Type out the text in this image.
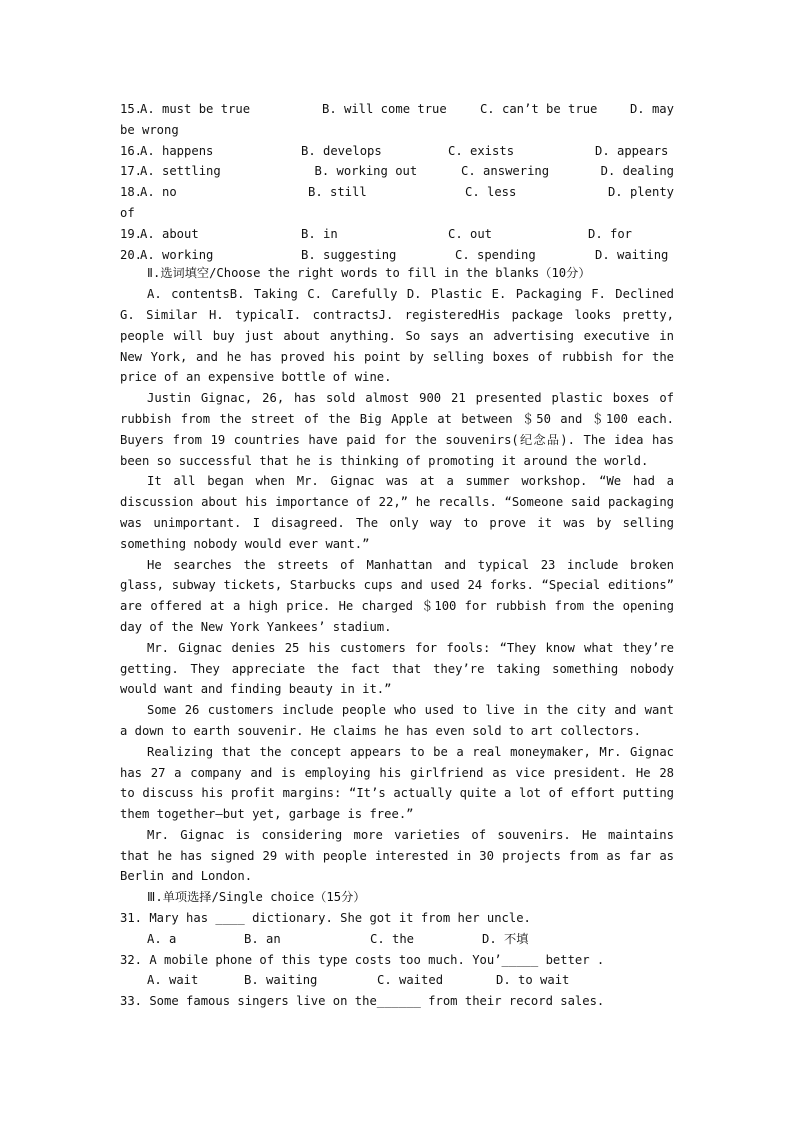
15.
A. must be true	B. will come true	C. can’t be true	D. may
be wrong
16.
A. happens	B. develops	C. exists	D. appears
17.
A. settling	B. working out	C. answering	D. dealing
18.
A. no	B. still	C. less	D. plenty
of
19.
A. about	B. in	C. out	D. for
20.
A. working	B. suggesting	C. spending	D. waiting
Ⅱ.选词填空/Choose the right words to fill in the blanks（10分）
A. contentsB. Taking C. Carefully D. Plastic E. Packaging F. Declined G. Similar H. typicalI. contractsJ. registeredHis package looks pretty, people will buy just about anything. So says an advertising executive in New York, and he has proved his point by selling boxes of rubbish for the price of an expensive bottle of wine.
Justin Gignac, 26, has sold almost 900 21 presented plastic boxes of rubbish from the street of the Big Apple at between ＄50 and ＄100 each. Buyers from 19 countries have paid for the souvenirs(纪念品). The idea has been so successful that he is thinking of promoting it around the world.
It all began when Mr. Gignac was at a summer workshop. “We had a discussion about his importance of 22,” he recalls. “Someone said packaging was unimportant. I disagreed. The only way to prove it was by selling something nobody would ever want.”
He searches the streets of Manhattan and typical 23 include broken glass, subway tickets, Starbucks cups and used 24 forks. “Special editions” are offered at a high price. He charged ＄100 for rubbish from the opening day of the New York Yankees’ stadium.
Mr. Gignac denies 25 his customers for fools: “They know what they’re getting. They appreciate the fact that they’re taking something nobody would want and finding beauty in it.”
Some 26 customers include people who used to live in the city and want a down to earth souvenir. He claims he has even sold to art collectors.
Realizing that the concept appears to be a real moneymaker, Mr. Gignac has 27 a company and is employing his girlfriend as vice president. He 28 to discuss his profit margins: “It’s actually quite a lot of effort putting them together—but yet, garbage is free.”
Mr. Gignac is considering more varieties of souvenirs. He maintains that he has signed 29 with people interested in 30 projects from as far as Berlin and London.
Ⅲ.单项选择/Single choice（15分）
31. Mary has ____ dictionary. She got it from her uncle.
A. a	B. an	C. the	D. 不填
32. A mobile phone of this type costs too much. You’_____ better .
A. wait	B. waiting	C. waited	D. to wait
33. Some famous singers live on the______ from their record sales.
